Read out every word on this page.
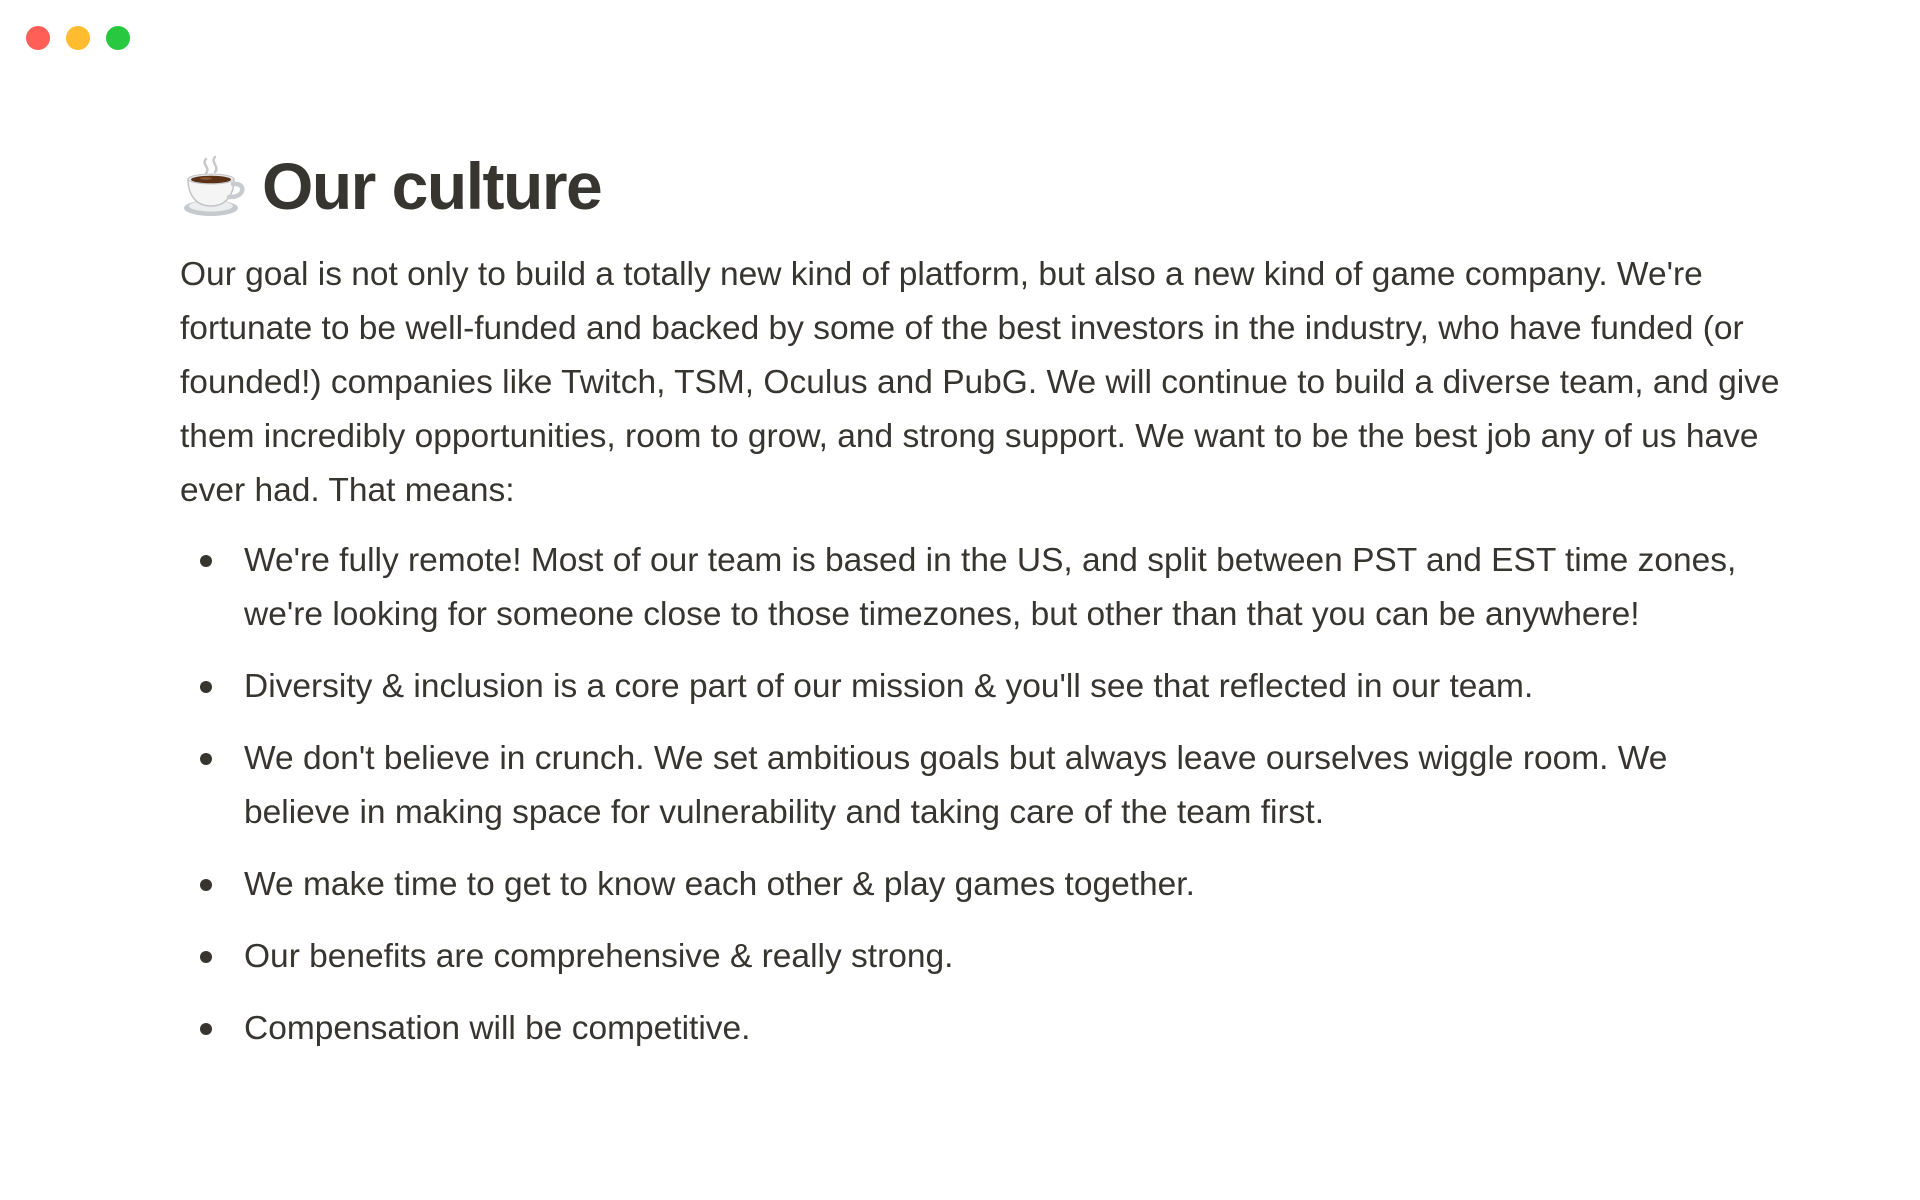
Our culture

Our goal is not only to build a totally new kind of platform, but also a new kind of game company. We're fortunate to be well-funded and backed by some of the best investors in the industry, who have funded (or founded!) companies like Twitch, TSM, Oculus and PubG. We will continue to build a diverse team, and give them incredibly opportunities, room to grow, and strong support. We want to be the best job any of us have ever had. That means:

We're fully remote! Most of our team is based in the US, and split between PST and EST time zones, we're looking for someone close to those timezones, but other than that you can be anywhere!
Diversity & inclusion is a core part of our mission & you'll see that reflected in our team.
We don't believe in crunch. We set ambitious goals but always leave ourselves wiggle room. We believe in making space for vulnerability and taking care of the team first.
We make time to get to know each other & play games together.
Our benefits are comprehensive & really strong.
Compensation will be competitive.
